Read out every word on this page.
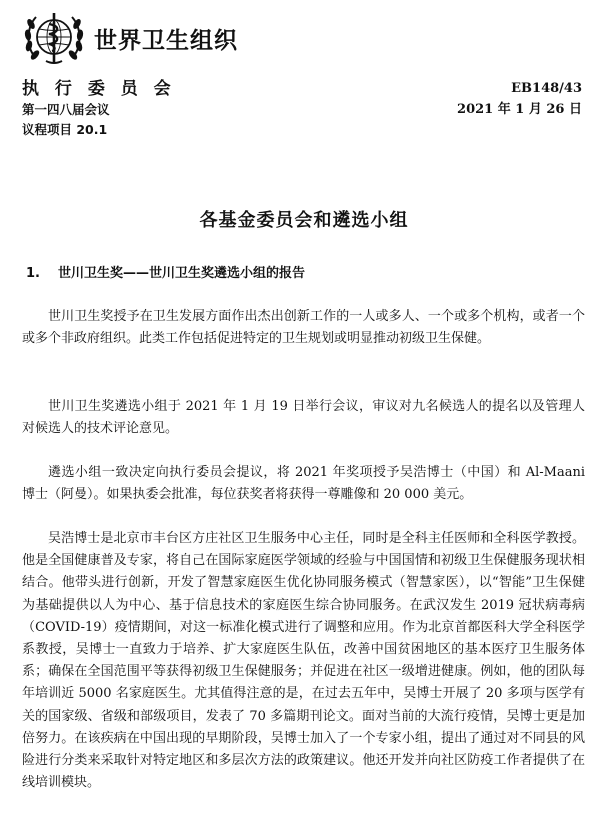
世界卫生组织
执 行 委 员 会
第一四八届会议
议程项目 20.1
EB148/43
2021 年 1 月 26 日
各基金委员会和遴选小组
1. 世川卫生奖——世川卫生奖遴选小组的报告

世川卫生奖授予在卫生发展方面作出杰出创新工作的一人或多人、一个或多个机构，或者一个或多个非政府组织。此类工作包括促进特定的卫生规划或明显推动初级卫生保健。

世川卫生奖遴选小组于 2021 年 1 月 19 日举行会议，审议对九名候选人的提名以及管理人对候选人的技术评论意见。

遴选小组一致决定向执行委员会提议，将 2021 年奖项授予吴浩博士（中国）和 Al-Maani 博士（阿曼）。如果执委会批准，每位获奖者将获得一尊雕像和 20 000 美元。

吴浩博士是北京市丰台区方庄社区卫生服务中心主任，同时是全科主任医师和全科医学教授。他是全国健康普及专家，将自己在国际家庭医学领域的经验与中国国情和初级卫生保健服务现状相结合。他带头进行创新，开发了智慧家庭医生优化协同服务模式（智慧家医），以“智能”卫生保健为基础提供以人为中心、基于信息技术的家庭医生综合协同服务。在武汉发生 2019 冠状病毒病（COVID-19）疫情期间，对这一标准化模式进行了调整和应用。作为北京首都医科大学全科医学系教授，吴博士一直致力于培养、扩大家庭医生队伍，改善中国贫困地区的基本医疗卫生服务体系；确保在全国范围平等获得初级卫生保健服务；并促进在社区一级增进健康。例如，他的团队每年培训近 5000 名家庭医生。尤其值得注意的是，在过去五年中，吴博士开展了 20 多项与医学有关的国家级、省级和部级项目，发表了 70 多篇期刊论文。面对当前的大流行疫情，吴博士更是加倍努力。在该疾病在中国出现的早期阶段，吴博士加入了一个专家小组，提出了通过对不同县的风险进行分类来采取针对特定地区和多层次方法的政策建议。他还开发并向社区防疫工作者提供了在线培训模块。
